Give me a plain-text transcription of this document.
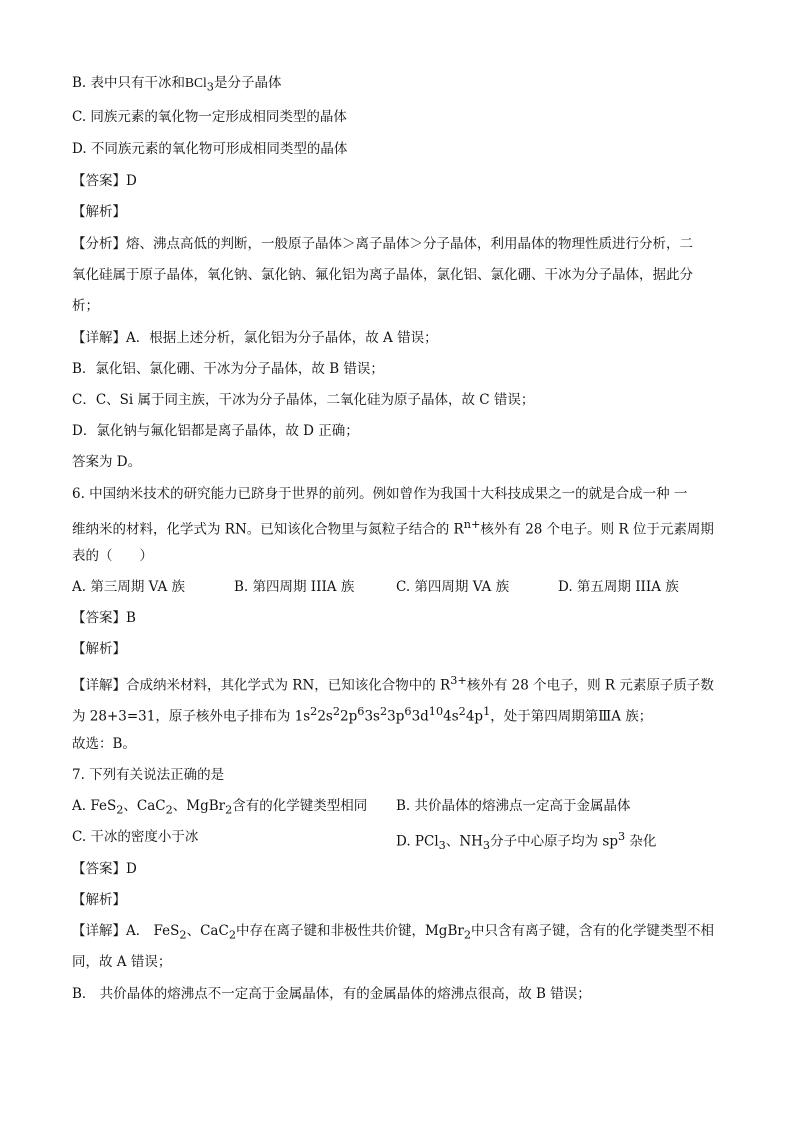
B. 表中只有干冰和BCl$_3$是分子晶体
C. 同族元素的氧化物一定形成相同类型的晶体
D. 不同族元素的氧化物可形成相同类型的晶体
【答案】D
【解析】
【分析】熔、沸点高低的判断，一般原子晶体＞离子晶体＞分子晶体，利用晶体的物理性质进行分析，二
氧化硅属于原子晶体，氧化钠、氯化钠、氟化铝为离子晶体，氯化铝、氯化硼、干冰为分子晶体，据此分
析；
【详解】A．根据上述分析，氯化铝为分子晶体，故 A 错误；
B．氯化铝、氯化硼、干冰为分子晶体，故 B 错误；
C．C、Si 属于同主族，干冰为分子晶体，二氧化硅为原子晶体，故 C 错误；
D．氯化钠与氟化铝都是离子晶体，故 D 正确；
答案为 D。
6. 中国纳米技术的研究能力已跻身于世界的前列。例如曾作为我国十大科技成果之一的就是合成一种 一
维纳米的材料，化学式为 RN。已知该化合物里与氮粒子结合的 $R^{n+}$核外有 28 个电子。则 R 位于元素周期
表的（　　）
A. 第三周期 VA 族	B. 第四周期 IIIA 族	C. 第四周期 VA 族	D. 第五周期 IIIA 族
【答案】B
【解析】
【详解】合成纳米材料，其化学式为 RN，已知该化合物中的 $R^{3+}$核外有 28 个电子，则 R 元素原子质子数
为 28+3=31，原子核外电子排布为 $1s^22s^22p^63s^23p^63d^{10}4s^24p^1$，处于第四周期第ⅢA 族；
故选：B。
7. 下列有关说法正确的是
A. FeS$_2$、CaC$_2$、MgBr$_2$含有的化学键类型相同 B. 共价晶体的熔沸点一定高于金属晶体
C. 干冰的密度小于冰	D. PCl$_3$、$NH_3$分子中心原子均为 $sp^3$ 杂化
【答案】D
【解析】
【详解】A． FeS$_2$、CaC$_2$中存在离子键和非极性共价键，MgBr$_2$中只含有离子键，含有的化学键类型不相
同，故 A 错误；
B． 共价晶体的熔沸点不一定高于金属晶体，有的金属晶体的熔沸点很高，故 B 错误；
